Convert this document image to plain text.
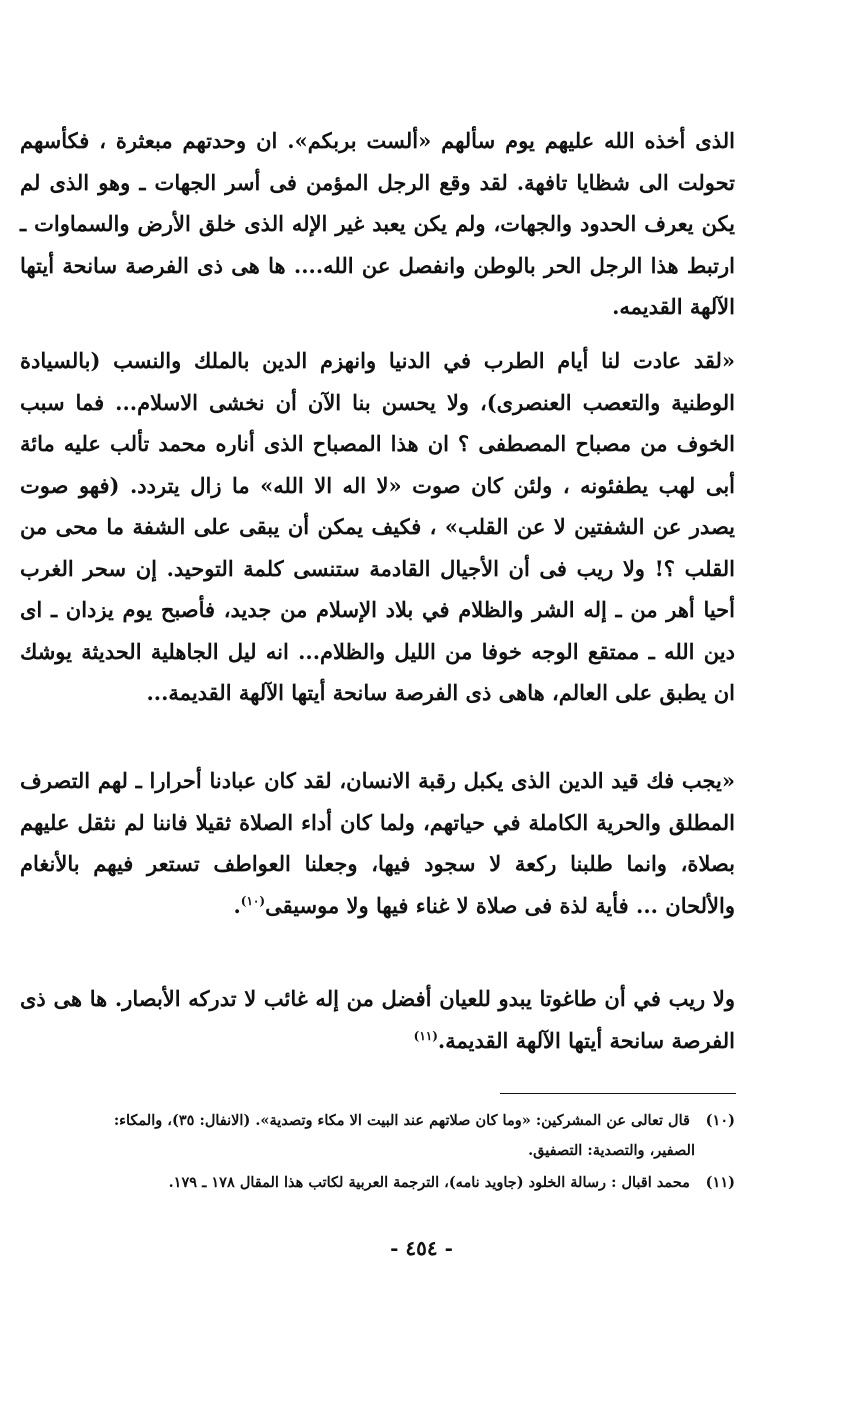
الذى أخذه الله عليهم يوم سألهم «ألست بربكم». ان وحدتهم مبعثرة ، فكأسهم تحولت الى شظايا تافهة. لقد وقع الرجل المؤمن فى أسر الجهات ـ وهو الذى لم يكن يعرف الحدود والجهات، ولم يكن يعبد غير الإله الذى خلق الأرض والسماوات ـ ارتبط هذا الرجل الحر بالوطن وانفصل عن الله.... ها هى ذى الفرصة سانحة أيتها الآلهة القديمه.

«لقد عادت لنا أيام الطرب في الدنيا وانهزم الدين بالملك والنسب (بالسيادة الوطنية والتعصب العنصرى)، ولا يحسن بنا الآن أن نخشى الاسلام... فما سبب الخوف من مصباح المصطفى ؟ ان هذا المصباح الذى أناره محمد تألب عليه مائة أبى لهب يطفئونه ، ولئن كان صوت «لا اله الا الله» ما زال يتردد. (فهو صوت يصدر عن الشفتين لا عن القلب» ، فكيف يمكن أن يبقى على الشفة ما محى من القلب ؟! ولا ريب فى أن الأجيال القادمة ستنسى كلمة التوحيد. إن سحر الغرب أحيا أهر من ـ إله الشر والظلام في بلاد الإسلام من جديد، فأصبح يوم يزدان ـ اى دين الله ـ ممتقع الوجه خوفا من الليل والظلام... انه ليل الجاهلية الحديثة يوشك ان يطبق على العالم، هاهى ذى الفرصة سانحة أيتها الآلهة القديمة...

«يجب فك قيد الدين الذى يكبل رقبة الانسان، لقد كان عبادنا أحرارا ـ لهم التصرف المطلق والحرية الكاملة في حياتهم، ولما كان أداء الصلاة ثقيلا فاننا لم نثقل عليهم بصلاة، وانما طلبنا ركعة لا سجود فيها، وجعلنا العواطف تستعر فيهم بالأنغام والألحان ... فأية لذة فى صلاة لا غناء فيها ولا موسيقى$^{(١٠)}$.

ولا ريب في أن طاغوتا يبدو للعيان أفضل من إله غائب لا تدركه الأبصار. ها هى ذى الفرصة سانحة أيتها الآلهة القديمة.$^{(١١)}$

(١٠) قال تعالى عن المشركين: «وما كان صلاتهم عند البيت الا مكاء وتصدية». (الانفال: ٣٥)، والمكاء:
الصفير، والتصدية: التصفيق.
(١١) محمد اقبال : رسالة الخلود (جاويد نامه)، الترجمة العربية لكاتب هذا المقال ١٧٨ ـ ١٧٩.
- ٤٥٤ -
